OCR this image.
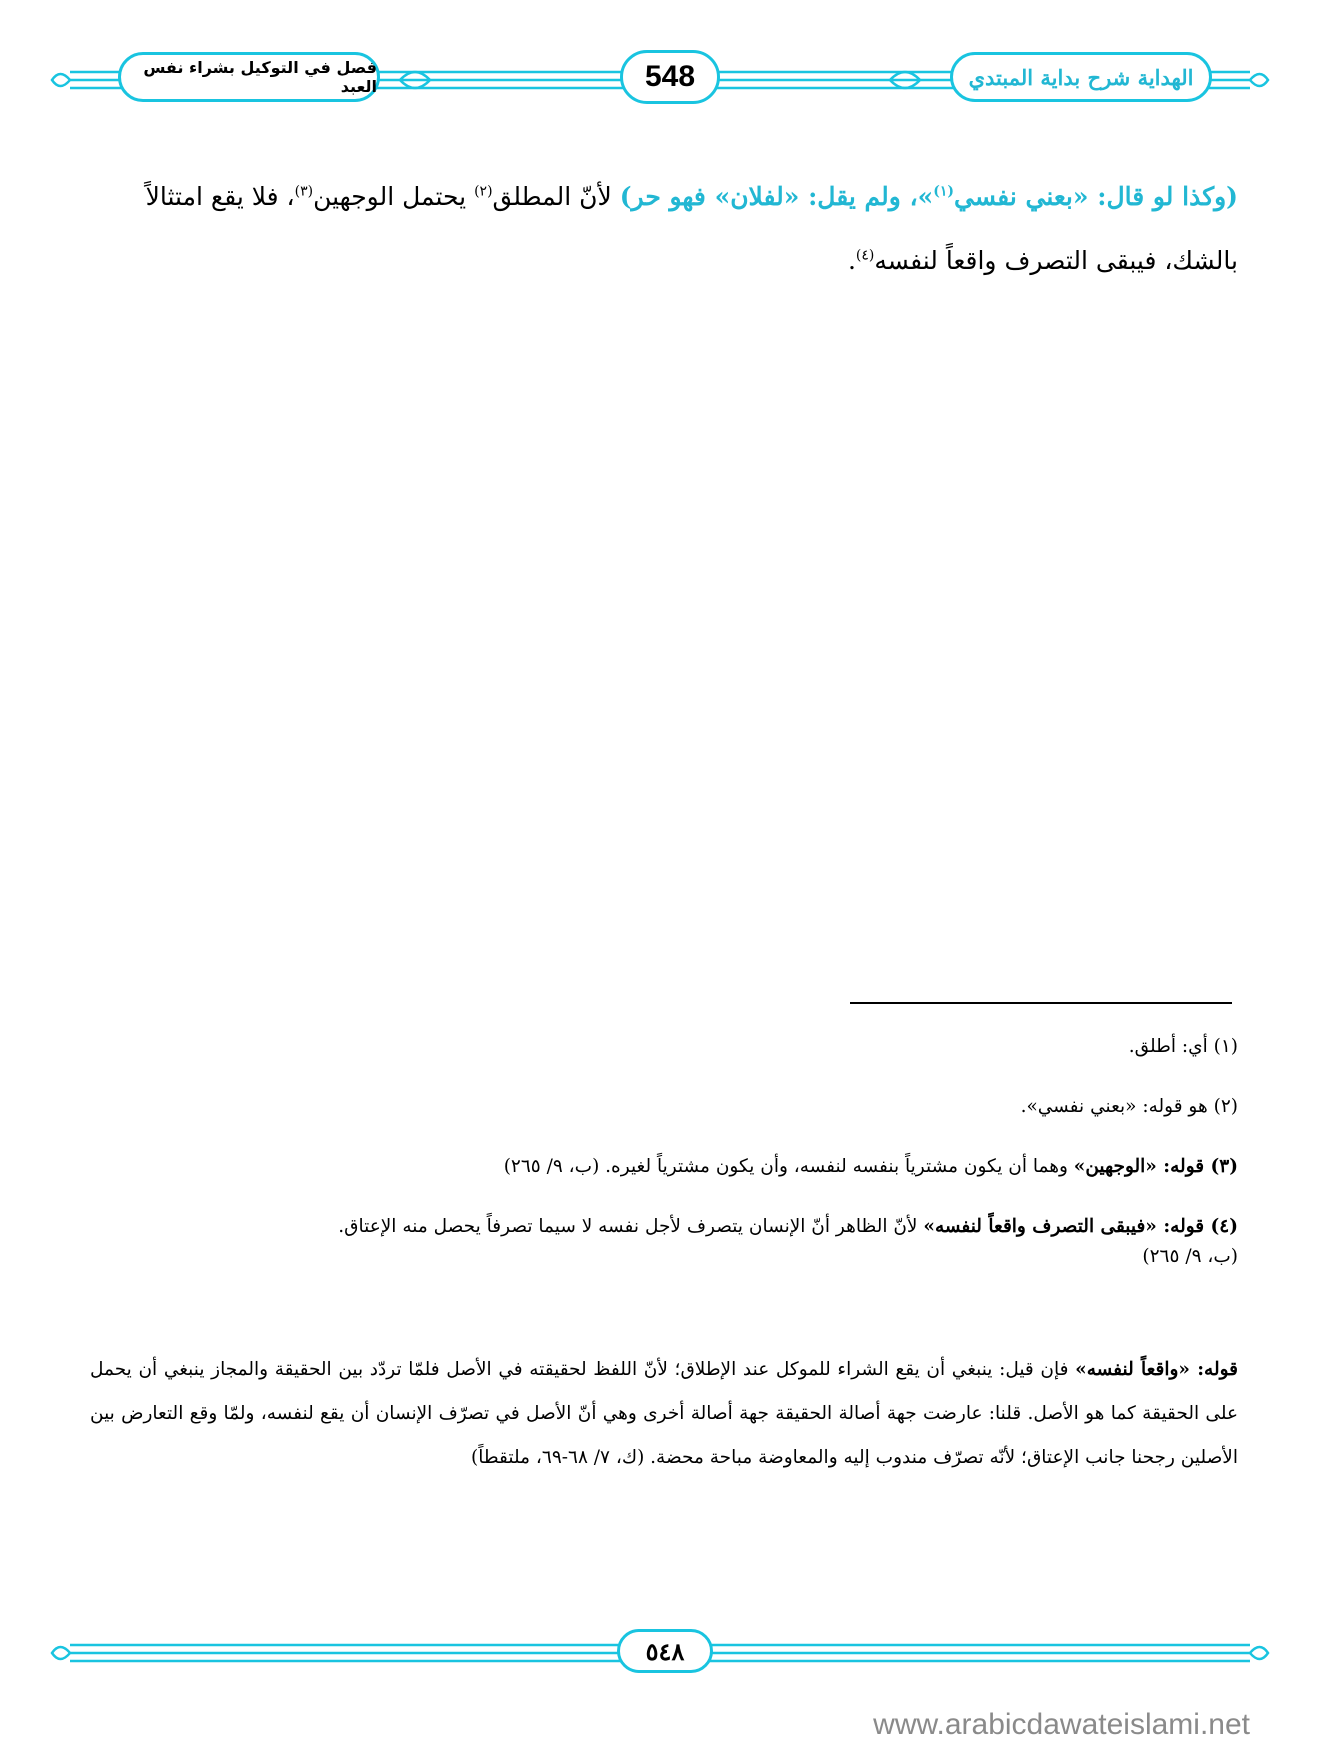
الهداية شرح بداية المبتدي
548
فصل في التوكيل بشراء نفس العبد

(وكذا لو قال: «بعني نفسي$^{(١)}$»، ولم يقل: «لفلان» فهو حر) لأنّ المطلق$^{(٢)}$ يحتمل الوجهين$^{(٣)}$، فلا يقع امتثالاً بالشك، فيبقى التصرف واقعاً لنفسه$^{(٤)}$.

(١) أي: أطلق.

(٢) هو قوله: «بعني نفسي».

(٣) قوله: «الوجهين» وهما أن يكون مشترياً بنفسه لنفسه، وأن يكون مشترياً لغيره. (ب، ٩/ ٢٦٥)

(٤) قوله: «فيبقى التصرف واقعاً لنفسه» لأنّ الظاهر أنّ الإنسان يتصرف لأجل نفسه لا سيما تصرفاً يحصل منه الإعتاق.
(ب، ٩/ ٢٦٥)

قوله: «واقعاً لنفسه» فإن قيل: ينبغي أن يقع الشراء للموكل عند الإطلاق؛ لأنّ اللفظ لحقيقته في الأصل فلمّا تردّد بين الحقيقة والمجاز ينبغي أن يحمل على الحقيقة كما هو الأصل. قلنا: عارضت جهة أصالة الحقيقة جهة أصالة أخرى وهي أنّ الأصل في تصرّف الإنسان أن يقع لنفسه، ولمّا وقع التعارض بين الأصلين رجحنا جانب الإعتاق؛ لأنّه تصرّف مندوب إليه والمعاوضة مباحة محضة. (ك، ٧/ ٦٨-٦٩، ملتقطاً)

٥٤٨
www.arabicdawateislami.net
